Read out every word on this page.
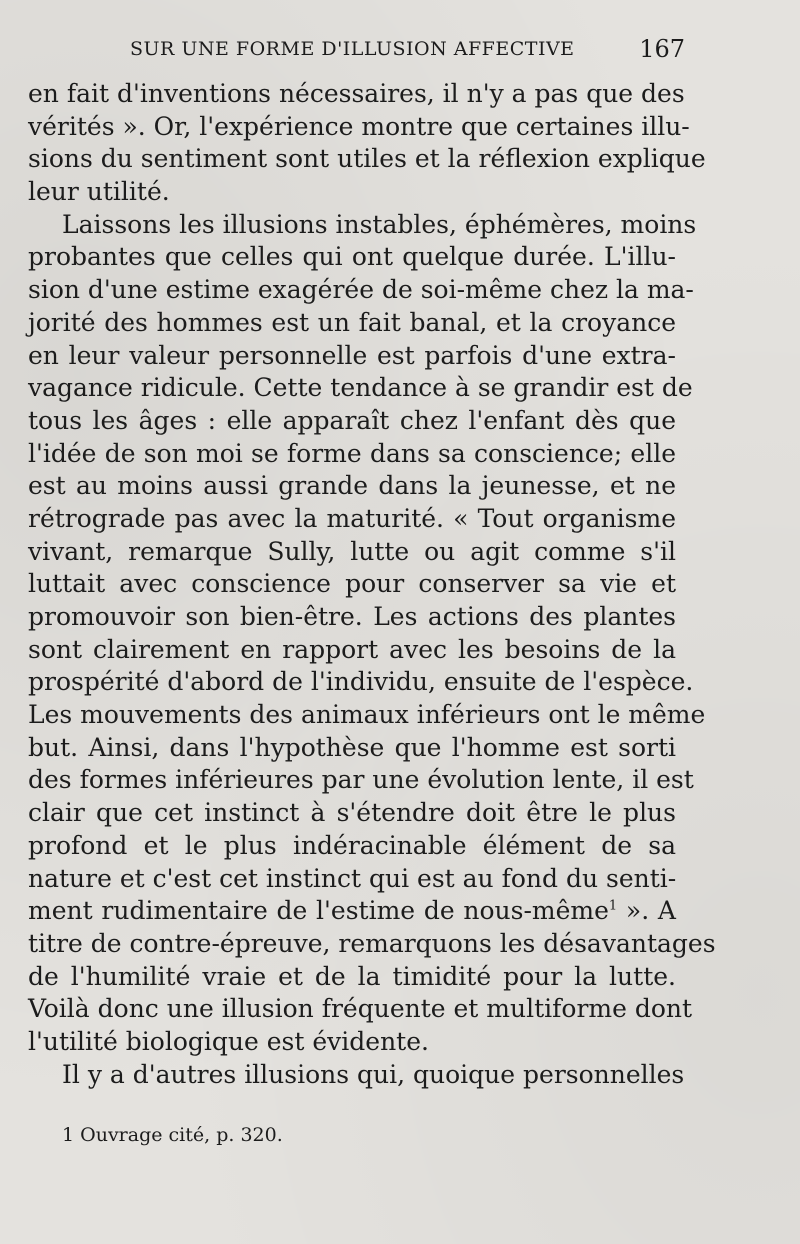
SUR UNE FORME D'ILLUSION AFFECTIVE	167
en fait d'inventions nécessaires, il n'y a pas que des
vérités ». Or, l'expérience montre que certaines illu-
sions du sentiment sont utiles et la réflexion explique
leur utilité.
Laissons les illusions instables, éphémères, moins
probantes que celles qui ont quelque durée. L'illu-
sion d'une estime exagérée de soi-même chez la ma-
jorité des hommes est un fait banal, et la croyance
en leur valeur personnelle est parfois d'une extra-
vagance ridicule. Cette tendance à se grandir est de
tous les âges : elle apparaît chez l'enfant dès que
l'idée de son moi se forme dans sa conscience; elle
est au moins aussi grande dans la jeunesse, et ne
rétrograde pas avec la maturité. « Tout organisme
vivant, remarque Sully, lutte ou agit comme s'il
luttait avec conscience pour conserver sa vie et
promouvoir son bien-être. Les actions des plantes
sont clairement en rapport avec les besoins de la
prospérité d'abord de l'individu, ensuite de l'espèce.
Les mouvements des animaux inférieurs ont le même
but. Ainsi, dans l'hypothèse que l'homme est sorti
des formes inférieures par une évolution lente, il est
clair que cet instinct à s'étendre doit être le plus
profond et le plus indéracinable élément de sa
nature et c'est cet instinct qui est au fond du senti-
ment rudimentaire de l'estime de nous-même$^1$ ». A
titre de contre-épreuve, remarquons les désavantages
de l'humilité vraie et de la timidité pour la lutte.
Voilà donc une illusion fréquente et multiforme dont
l'utilité biologique est évidente.
Il y a d'autres illusions qui, quoique personnelles
1 Ouvrage cité, p. 320.
